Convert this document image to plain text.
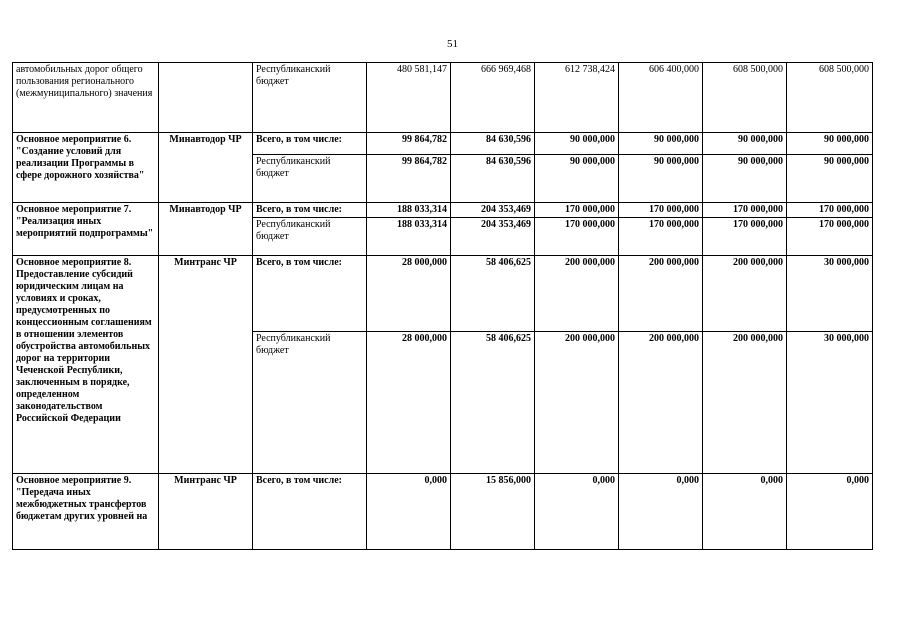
51
автомобильных дорог общего пользования регионального (межмуниципального) значения		Республиканский бюджет	480 581,147	666 969,468	612 738,424	606 400,000	608 500,000	608 500,000
Основное мероприятие 6. "Создание условий для реализации Программы в сфере дорожного хозяйства"	Минавтодор ЧР	Всего, в том числе:	99 864,782	84 630,596	90 000,000	90 000,000	90 000,000	90 000,000
		Республиканский бюджет	99 864,782	84 630,596	90 000,000	90 000,000	90 000,000	90 000,000
Основное мероприятие 7. "Реализация иных мероприятий подпрограммы"	Минавтодор ЧР	Всего, в том числе:	188 033,314	204 353,469	170 000,000	170 000,000	170 000,000	170 000,000
		Республиканский бюджет	188 033,314	204 353,469	170 000,000	170 000,000	170 000,000	170 000,000
Основное мероприятие 8. Предоставление субсидий юридическим лицам на условиях и сроках, предусмотренных по концессионным соглашениям в отношении элементов обустройства автомобильных дорог на территории Чеченской Республики, заключенным в порядке, определенном законодательством Российской Федерации	Минтранс ЧР	Всего, в том числе:	28 000,000	58 406,625	200 000,000	200 000,000	200 000,000	30 000,000
		Республиканский бюджет	28 000,000	58 406,625	200 000,000	200 000,000	200 000,000	30 000,000
Основное мероприятие 9. "Передача иных межбюджетных трансфертов бюджетам других уровней на	Минтранс ЧР	Всего, в том числе:	0,000	15 856,000	0,000	0,000	0,000	0,000
